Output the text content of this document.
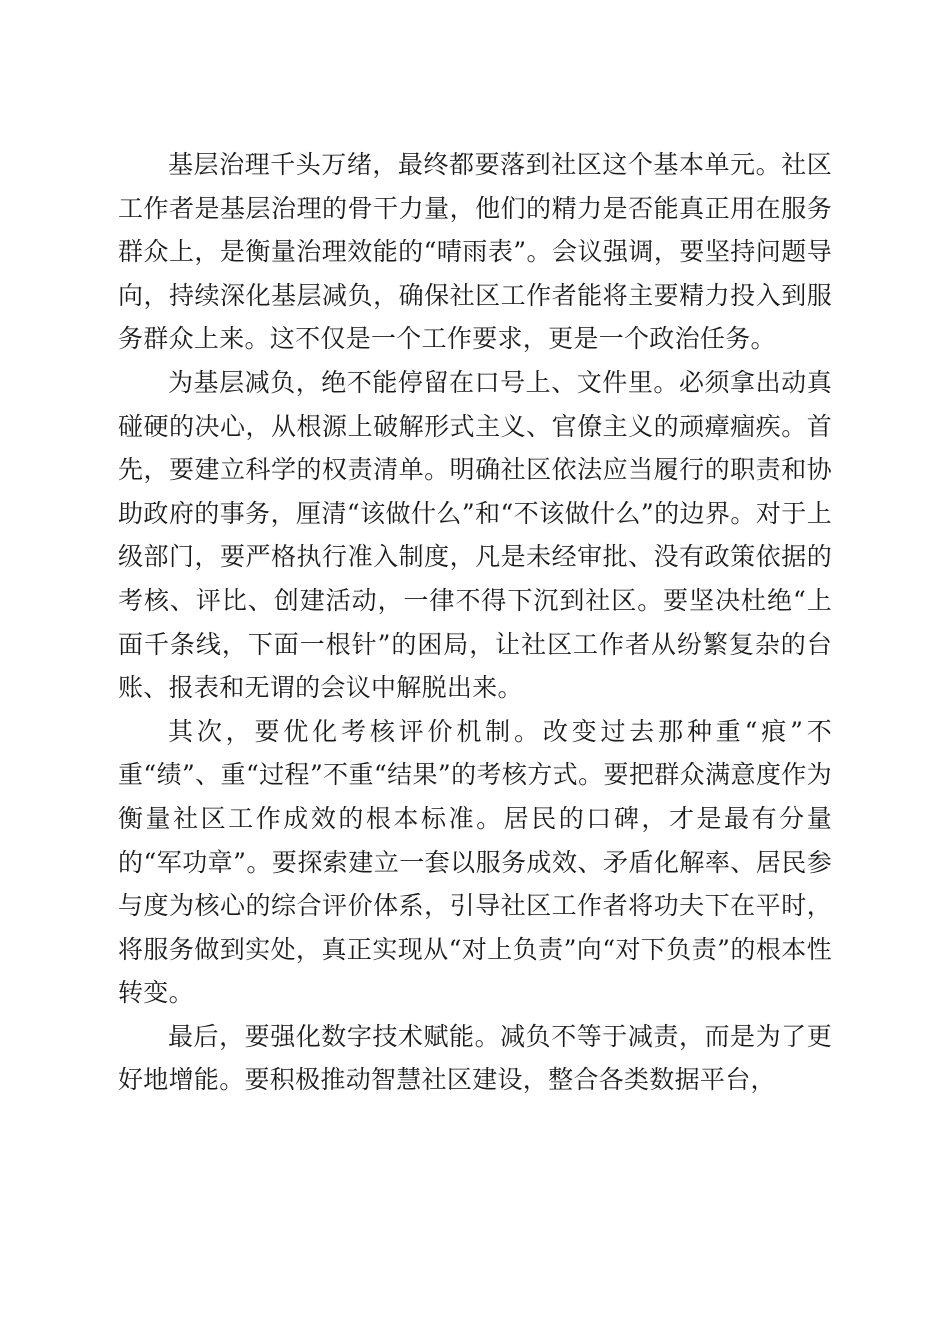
基层治理千头万绪，最终都要落到社区这个基本单元。社区工作者是基层治理的骨干力量，他们的精力是否能真正用在服务群众上，是衡量治理效能的“晴雨表”。会议强调，要坚持问题导向，持续深化基层减负，确保社区工作者能将主要精力投入到服务群众上来。这不仅是一个工作要求，更是一个政治任务。

为基层减负，绝不能停留在口号上、文件里。必须拿出动真碰硬的决心，从根源上破解形式主义、官僚主义的顽瘴痼疾。首先，要建立科学的权责清单。明确社区依法应当履行的职责和协助政府的事务，厘清“该做什么”和“不该做什么”的边界。对于上级部门，要严格执行准入制度，凡是未经审批、没有政策依据的考核、评比、创建活动，一律不得下沉到社区。要坚决杜绝“上面千条线，下面一根针”的困局，让社区工作者从纷繁复杂的台账、报表和无谓的会议中解脱出来。

其次，要优化考核评价机制。改变过去那种重“痕”不重“绩”、重“过程”不重“结果”的考核方式。要把群众满意度作为衡量社区工作成效的根本标准。居民的口碑，才是最有分量的“军功章”。要探索建立一套以服务成效、矛盾化解率、居民参与度为核心的综合评价体系，引导社区工作者将功夫下在平时，将服务做到实处，真正实现从“对上负责”向“对下负责”的根本性转变。

最后，要强化数字技术赋能。减负不等于减责，而是为了更好地增能。要积极推动智慧社区建设，整合各类数据平台，
